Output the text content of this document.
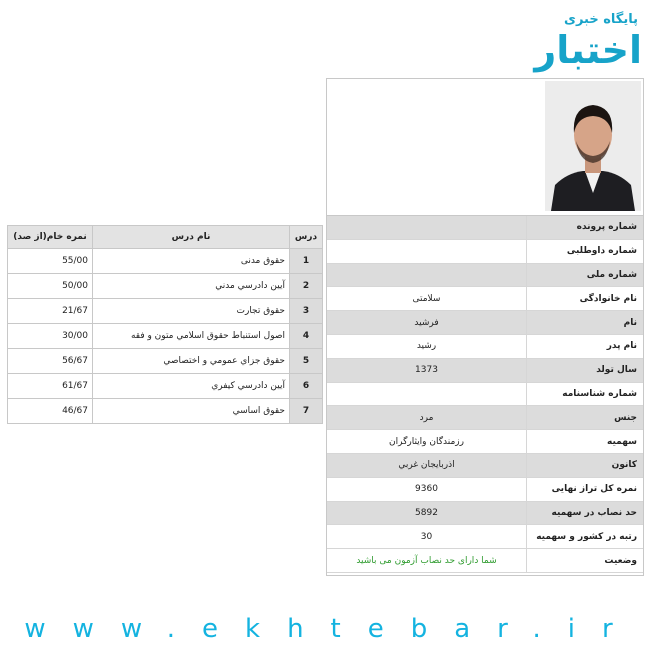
پایگاه خبری
اختبار
شماره پرونده	
شماره داوطلبی	
شماره ملی	
نام خانوادگی	سلامتی
نام	فرشید
نام پدر	رشید
سال تولد	1373
شماره شناسنامه	
جنس	مرد
سهمیه	رزمندگان وایثارگران
کانون	اذربايجان غربي
نمره کل تراز نهایی	9360
حد نصاب در سهمیه	5892
رتبه در کشور و سهمیه	30
وضعیت	شما دارای حد نصاب آزمون می باشید
درس	نام درس	نمره خام(از صد)
1	حقوق مدنی	55/00
2	آیین دادرسي مدني	50/00
3	حقوق تجارت	21/67
4	اصول استنباط حقوق اسلامي متون و فقه	30/00
5	حقوق جزاي عمومي و اختصاصي	56/67
6	آیین دادرسي كيفري	61/67
7	حقوق اساسي	46/67
www.ekhtebar.ir
